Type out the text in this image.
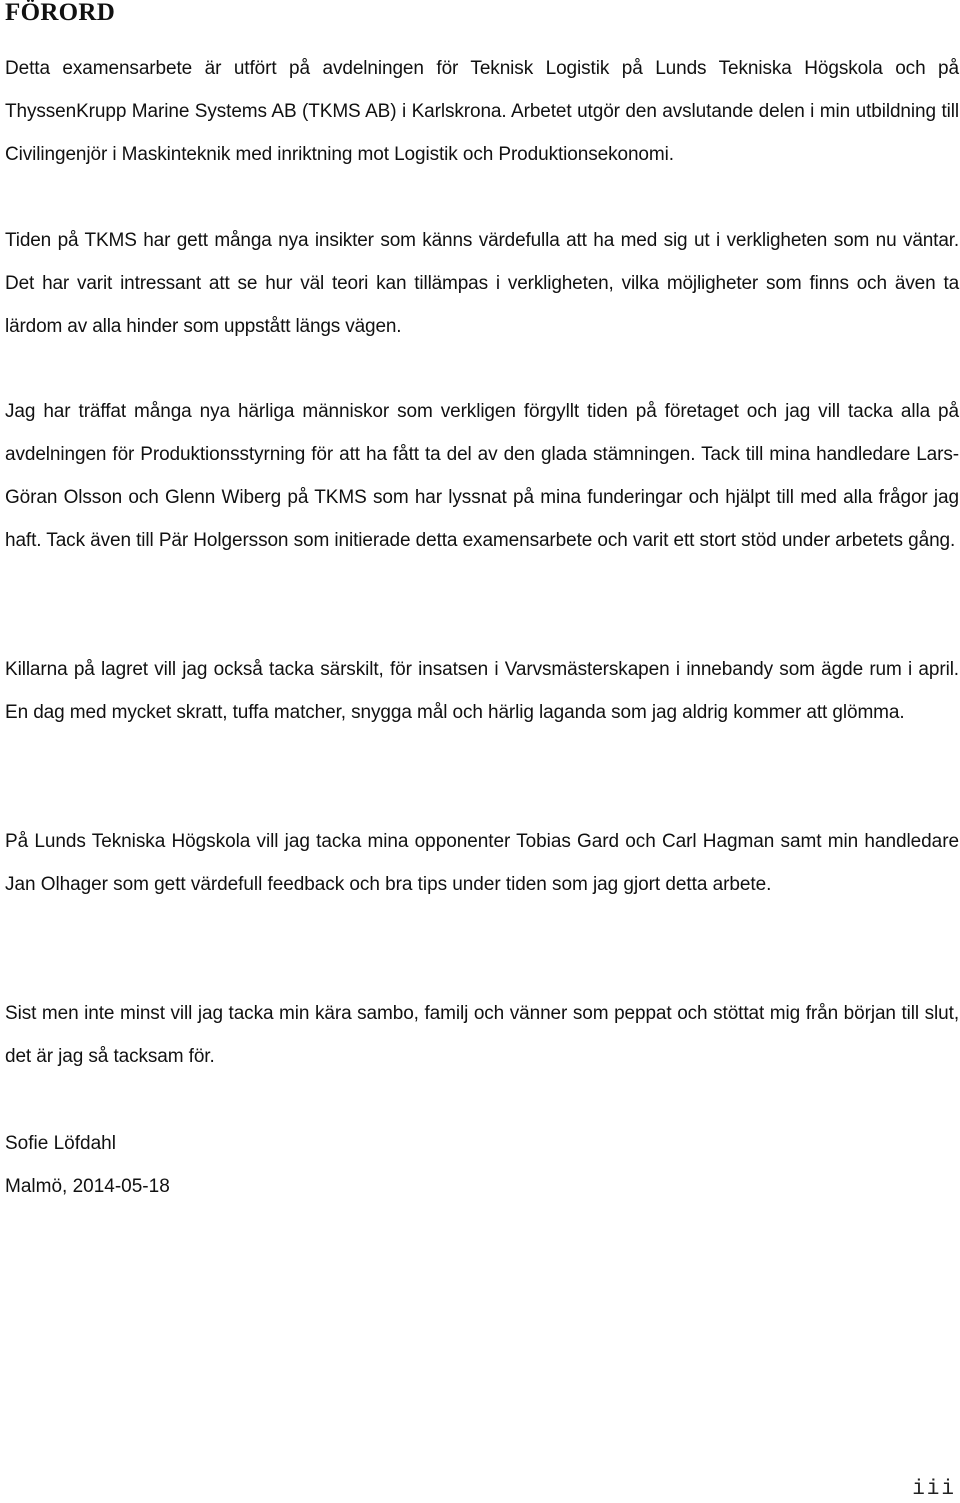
FÖRORD

Detta examensarbete är utfört på avdelningen för Teknisk Logistik på Lunds Tekniska Högskola och på ThyssenKrupp Marine Systems AB (TKMS AB) i Karlskrona. Arbetet utgör den avslutande delen i min utbildning till Civilingenjör i Maskinteknik med inriktning mot Logistik och Produktionsekonomi.

Tiden på TKMS har gett många nya insikter som känns värdefulla att ha med sig ut i verkligheten som nu väntar. Det har varit intressant att se hur väl teori kan tillämpas i verkligheten, vilka möjligheter som finns och även ta lärdom av alla hinder som uppstått längs vägen.

Jag har träffat många nya härliga människor som verkligen förgyllt tiden på företaget och jag vill tacka alla på avdelningen för Produktionsstyrning för att ha fått ta del av den glada stämningen. Tack till mina handledare Lars-Göran Olsson och Glenn Wiberg på TKMS som har lyssnat på mina funderingar och hjälpt till med alla frågor jag haft. Tack även till Pär Holgersson som initierade detta examensarbete och varit ett stort stöd under arbetets gång.

Killarna på lagret vill jag också tacka särskilt, för insatsen i Varvsmästerskapen i innebandy som ägde rum i april. En dag med mycket skratt, tuffa matcher, snygga mål och härlig laganda som jag aldrig kommer att glömma.

På Lunds Tekniska Högskola vill jag tacka mina opponenter Tobias Gard och Carl Hagman samt min handledare Jan Olhager som gett värdefull feedback och bra tips under tiden som jag gjort detta arbete.

Sist men inte minst vill jag tacka min kära sambo, familj och vänner som peppat och stöttat mig från början till slut, det är jag så tacksam för.

Sofie Löfdahl

Malmö, 2014-05-18

iii
